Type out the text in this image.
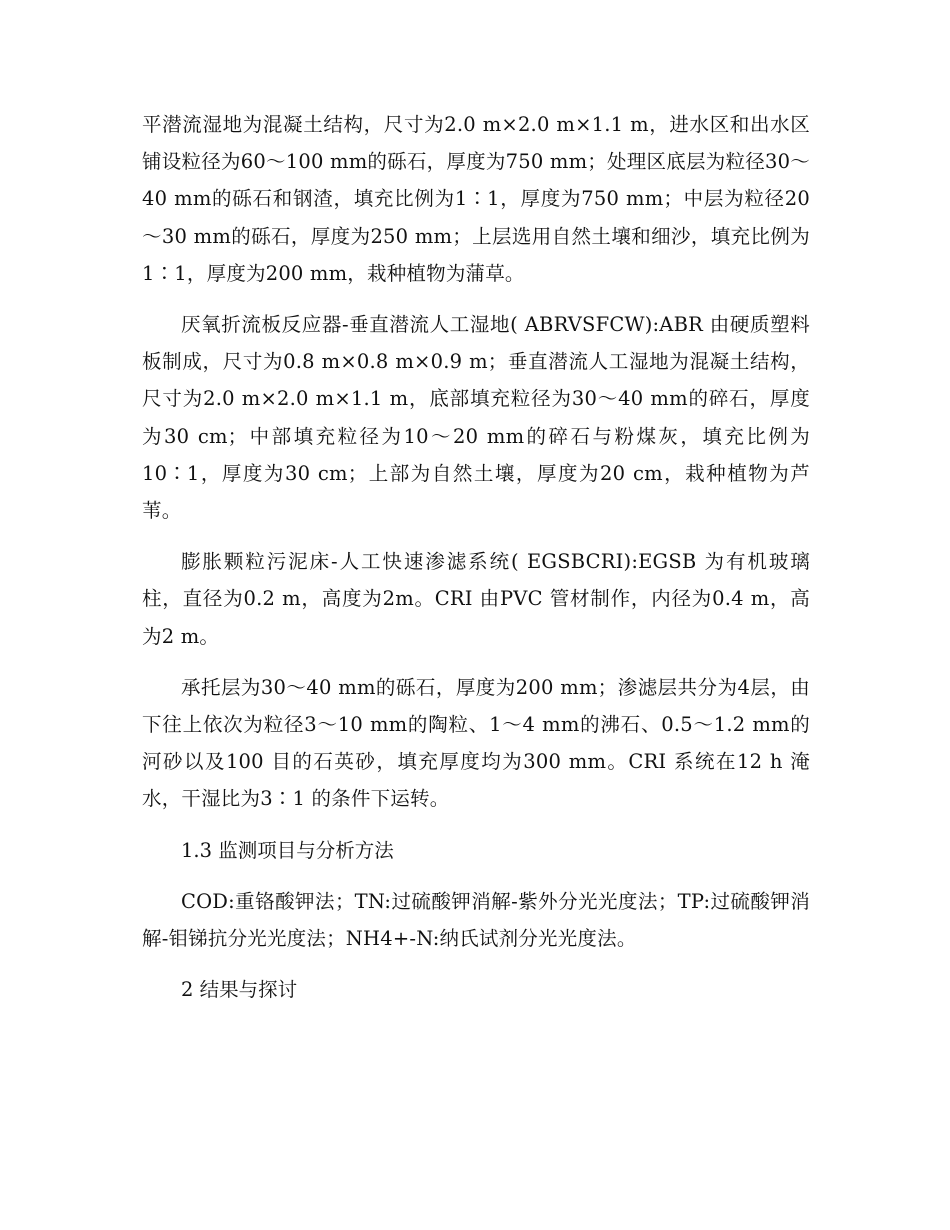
平潜流湿地为混凝土结构，尺寸为2.0 m×2.0 m×1.1 m，进水区和出水区铺设粒径为60～100 mm的砾石，厚度为750 mm；处理区底层为粒径30～40 mm的砾石和钢渣，填充比例为1∶1，厚度为750 mm；中层为粒径20～30 mm的砾石，厚度为250 mm；上层选用自然土壤和细沙，填充比例为1∶1，厚度为200 mm，栽种植物为蒲草。

厌氧折流板反应器-垂直潜流人工湿地( ABRVSFCW):ABR 由硬质塑料板制成，尺寸为0.8 m×0.8 m×0.9 m；垂直潜流人工湿地为混凝土结构，尺寸为2.0 m×2.0 m×1.1 m，底部填充粒径为30～40 mm的碎石，厚度为30 cm；中部填充粒径为10～20 mm的碎石与粉煤灰，填充比例为10∶1，厚度为30 cm；上部为自然土壤，厚度为20 cm，栽种植物为芦苇。

膨胀颗粒污泥床-人工快速渗滤系统( EGSBCRI):EGSB 为有机玻璃柱，直径为0.2 m，高度为2m。CRI 由PVC 管材制作，内径为0.4 m，高为2 m。

承托层为30～40 mm的砾石，厚度为200 mm；渗滤层共分为4层，由下往上依次为粒径3～10 mm的陶粒、1～4 mm的沸石、0.5～1.2 mm的河砂以及100 目的石英砂，填充厚度均为300 mm。CRI 系统在12 h 淹水，干湿比为3∶1 的条件下运转。

1.3 监测项目与分析方法

COD:重铬酸钾法；TN:过硫酸钾消解-紫外分光光度法；TP:过硫酸钾消解-钼锑抗分光光度法；NH4+-N:纳氏试剂分光光度法。

2 结果与探讨
